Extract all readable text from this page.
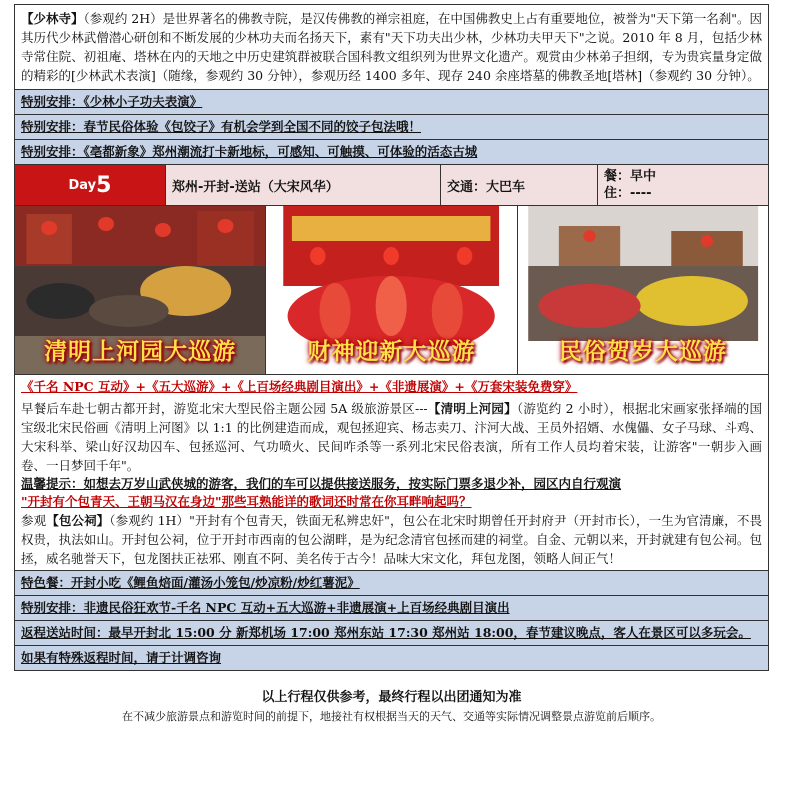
【少林寺】（参观约 2H）是世界著名的佛教寺院，是汉传佛教的禅宗祖庭，在中国佛教史上占有重要地位，被誉为"天下第一名刹"。因其历代少林武僧潜心研创和不断发展的少林功夫而名扬天下，素有"天下功夫出少林，少林功夫甲天下"之说。2010 年 8 月，包括少林寺常住院、初祖庵、塔林在内的天地之中历史建筑群被联合国科教文组织列为世界文化遗产。观赏由少林弟子担纲，专为贵宾量身定做的精彩的[少林武术表演]（随缘，参观约 30 分钟），参观历经 1400 多年、现存 240 余座塔墓的佛教圣地[塔林]（参观约 30 分钟）。
特别安排：《少林小子功夫表演》
特别安排：春节民俗体验《包饺子》有机会学到全国不同的饺子包法哦！
特别安排：《亳都新象》郑州潮流打卡新地标，可感知、可触摸、可体验的活态古城
Day 5	郑州-开封-送站（大宋风华）	交通：大巴车
餐：早中
住：----
清明上河园大巡游	财神迎新大巡游	民俗贺岁大巡游
《千名 NPC 互动》+《五大巡游》+《上百场经典剧目演出》+《非遗展演》+《万套宋装免费穿》
早餐后车赴七朝古都开封，游览北宋大型民俗主题公园 5A 级旅游景区---【清明上河园】（游览约 2 小时），根据北宋画家张择端的国宝级北宋民俗画《清明上河图》以 1:1 的比例建造而成，观包拯迎宾、杨志卖刀、汴河大战、王员外招婿、水傀儡、女子马球、斗鸡、大宋科举、梁山好汉劫囚车、包拯巡河、气功喷火、民间咋杀等一系列北宋民俗表演，所有工作人员均着宋装，让游客"一朝步入画卷、一日梦回千年"。
温馨提示：如想去万岁山武侠城的游客，我们的车可以提供接送服务，按实际门票多退少补，园区内自行观演
"开封有个包青天、王朝马汉在身边"那些耳熟能详的歌词还时常在你耳畔响起吗？
参观【包公祠】（参观约 1H）"开封有个包青天，铁面无私辨忠奸"，包公在北宋时期曾任开封府尹（开封市长），一生为官清廉，不畏权贵，执法如山。开封包公祠，位于开封市西南的包公湖畔，是为纪念清官包拯而建的祠堂。自金、元朝以来，开封就建有包公祠。包拯，威名驰誉天下，包龙图扶正祛邪、刚直不阿、美名传于古今！品味大宋文化，拜包龙图，领略人间正气！
特色餐：开封小吃《鲤鱼焙面/灌汤小笼包/炒凉粉/炒红薯泥》
特别安排：非遗民俗狂欢节-千名 NPC 互动+五大巡游+非遗展演+上百场经典剧目演出
返程送站时间：最早开封北 15:00 分 新郑机场 17:00 郑州东站 17:30 郑州站 18:00，春节建议晚点，客人在景区可以多玩会。
如果有特殊返程时间，请于计调咨询
以上行程仅供参考，最终行程以出团通知为准
在不减少旅游景点和游览时间的前提下，地接社有权根据当天的天气、交通等实际情况调整景点游览前后顺序。
